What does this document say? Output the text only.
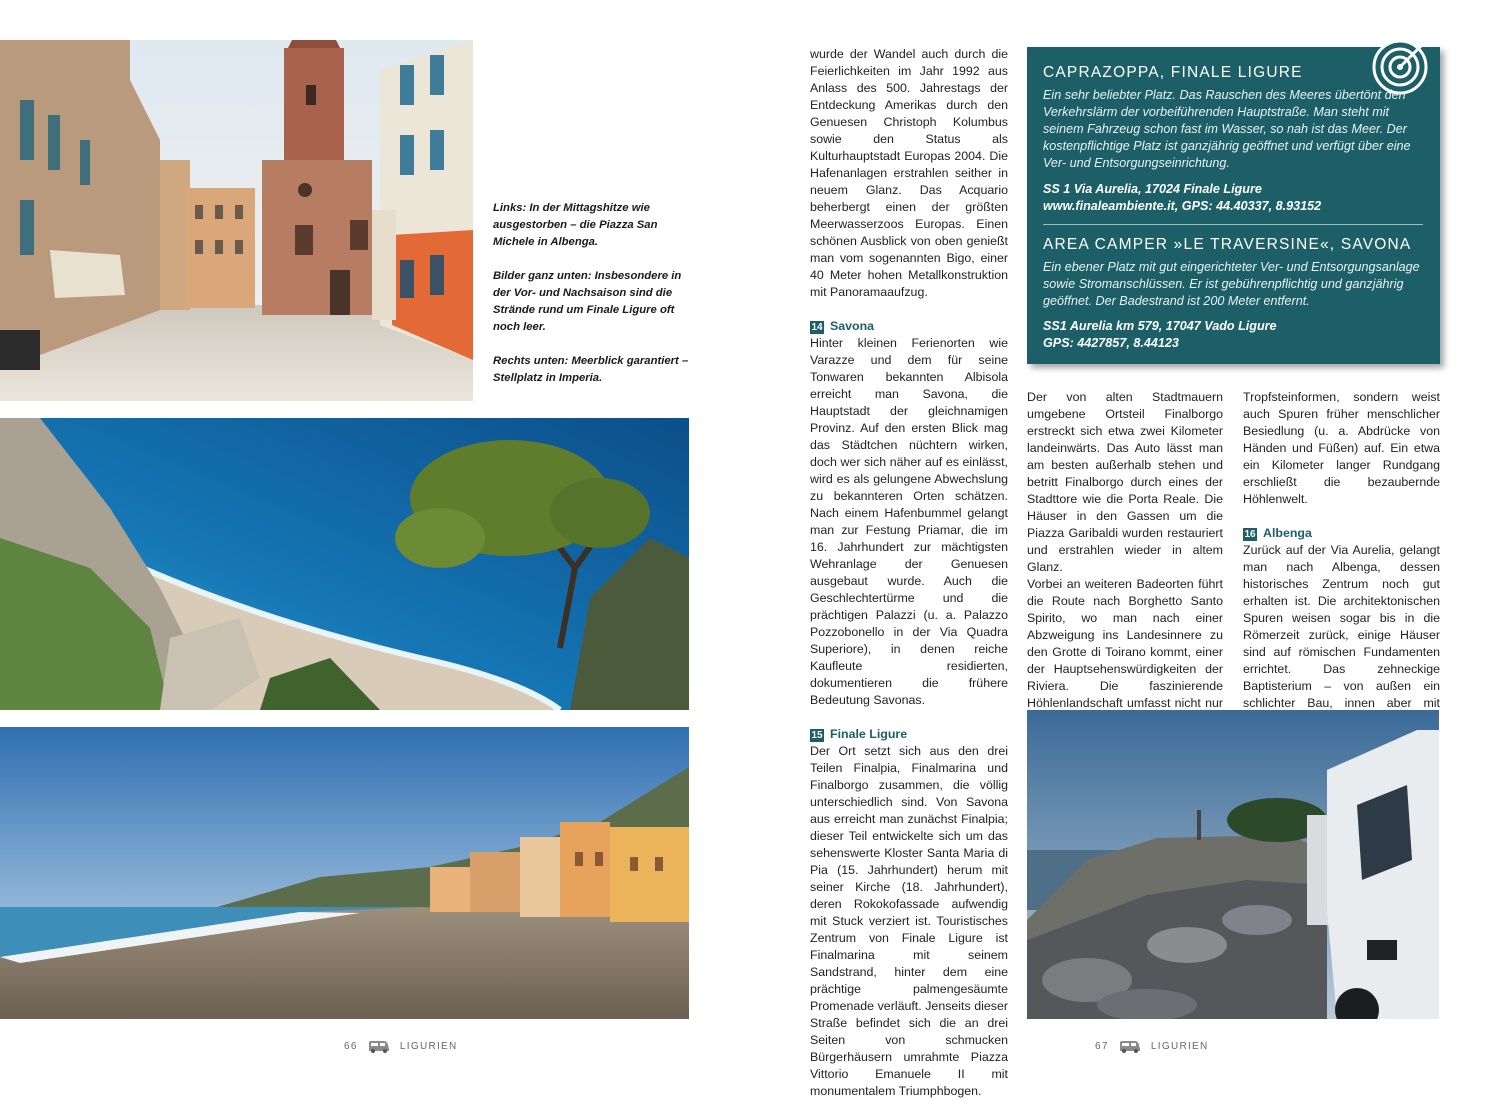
Links: In der Mittagshitze wie ausgestorben – die Piazza San Michele in Albenga.

Bilder ganz unten: Insbesondere in der Vor- und Nachsaison sind die Strände rund um Finale Ligure oft noch leer.

Rechts unten: Meerblick garantiert – Stellplatz in Imperia.

wurde der Wandel auch durch die Feierlichkeiten im Jahr 1992 aus Anlass des 500. Jahrestags der Entdeckung Amerikas durch den Genuesen Christoph Kolumbus sowie den Status als Kulturhauptstadt Europas 2004. Die Hafenanlagen erstrahlen seither in neuem Glanz. Das Acquario beherbergt einen der größten Meerwasserzoos Europas. Einen schönen Ausblick von oben genießt man vom sogenannten Bigo, einer 40 Meter hohen Metallkonstruktion mit Panoramaaufzug.

14 Savona

Hinter kleinen Ferienorten wie Varazze und dem für seine Tonwaren bekannten Albisola erreicht man Savona, die Hauptstadt der gleichnamigen Provinz. Auf den ersten Blick mag das Städtchen nüchtern wirken, doch wer sich näher auf es einlässt, wird es als gelungene Abwechslung zu bekannteren Orten schätzen. Nach einem Hafenbummel gelangt man zur Festung Priamar, die im 16. Jahrhundert zur mächtigsten Wehranlage der Genuesen ausgebaut wurde. Auch die Geschlechtertürme und die prächtigen Palazzi (u. a. Palazzo Pozzobonello in der Via Quadra Superiore), in denen reiche Kaufleute residierten, dokumentieren die frühere Bedeutung Savonas.

15 Finale Ligure

Der Ort setzt sich aus den drei Teilen Finalpia, Finalmarina und Finalborgo zusammen, die völlig unterschiedlich sind. Von Savona aus erreicht man zunächst Finalpia; dieser Teil entwickelte sich um das sehenswerte Kloster Santa Maria di Pia (15. Jahrhundert) herum mit seiner Kirche (18. Jahrhundert), deren Rokokofassade aufwendig mit Stuck verziert ist. Touristisches Zentrum von Finale Ligure ist Finalmarina mit seinem Sandstrand, hinter dem eine prächtige palmengesäumte Promenade verläuft. Jenseits dieser Straße befindet sich die an drei Seiten von schmucken Bürgerhäusern umrahmte Piazza Vittorio Emanuele II mit monumentalem Triumphbogen.

Der von alten Stadtmauern umgebene Ortsteil Finalborgo erstreckt sich etwa zwei Kilometer landeinwärts. Das Auto lässt man am besten außerhalb stehen und betritt Finalborgo durch eines der Stadttore wie die Porta Reale. Die Häuser in den Gassen um die Piazza Garibaldi wurden restauriert und erstrahlen wieder in altem Glanz.

Vorbei an weiteren Badeorten führt die Route nach Borghetto Santo Spirito, wo man nach einer Abzweigung ins Landesinnere zu den Grotte di Toirano kommt, einer der Hauptsehenswürdigkeiten der Riviera. Die faszinierende Höhlenlandschaft umfasst nicht nur

Tropfsteinformen, sondern weist auch Spuren früher menschlicher Besiedlung (u. a. Abdrücke von Händen und Füßen) auf. Ein etwa ein Kilometer langer Rundgang erschließt die bezaubernde Höhlenwelt.

16 Albenga

Zurück auf der Via Aurelia, gelangt man nach Albenga, dessen historisches Zentrum noch gut erhalten ist. Die architektonischen Spuren weisen sogar bis in die Römerzeit zurück, einige Häuser sind auf römischen Fundamenten errichtet. Das zehneckige Baptisterium – von außen ein schlichter Bau, innen aber mit

CAPRAZOPPA, FINALE LIGURE
Ein sehr beliebter Platz. Das Rauschen des Meeres übertönt den Verkehrslärm der vorbeiführenden Hauptstraße. Man steht mit seinem Fahrzeug schon fast im Wasser, so nah ist das Meer. Der kostenpflichtige Platz ist ganzjährig geöffnet und verfügt über eine Ver- und Entsorgungseinrichtung.
SS 1 Via Aurelia, 17024 Finale Ligure
www.finaleambiente.it, GPS: 44.40337, 8.93152
AREA CAMPER »LE TRAVERSINE«, SAVONA
Ein ebener Platz mit gut eingerichteter Ver- und Entsorgungsanlage sowie Stromanschlüssen. Er ist gebührenpflichtig und ganzjährig geöffnet. Der Badestrand ist 200 Meter entfernt.
SS1 Aurelia km 579, 17047 Vado Ligure
GPS: 4427857, 8.44123
66	LIGURIEN	67	LIGURIEN
